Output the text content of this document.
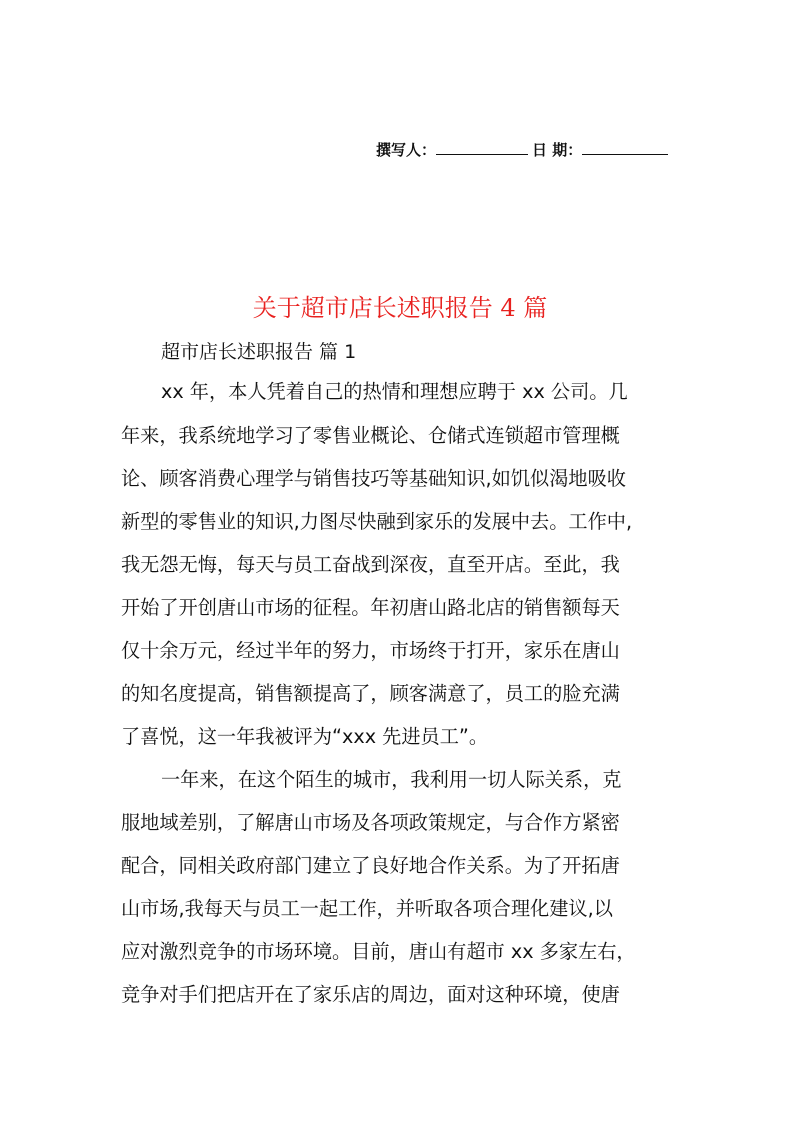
撰写人：	日 期：
关于超市店长述职报告 4 篇
超市店长述职报告 篇 1
xx 年，本人凭着自己的热情和理想应聘于 xx 公司。几
年来，我系统地学习了零售业概论、仓储式连锁超市管理概
论、顾客消费心理学与销售技巧等基础知识,如饥似渴地吸收
新型的零售业的知识,力图尽快融到家乐的发展中去。工作中,
我无怨无悔，每天与员工奋战到深夜，直至开店。至此，我
开始了开创唐山市场的征程。年初唐山路北店的销售额每天
仅十余万元，经过半年的努力，市场终于打开，家乐在唐山
的知名度提高，销售额提高了，顾客满意了，员工的脸充满
了喜悦，这一年我被评为“xxx 先进员工”。
一年来，在这个陌生的城市，我利用一切人际关系，克
服地域差别，了解唐山市场及各项政策规定，与合作方紧密
配合，同相关政府部门建立了良好地合作关系。为了开拓唐
山市场,我每天与员工一起工作，并听取各项合理化建议,以
应对激烈竞争的市场环境。目前，唐山有超市 xx 多家左右，
竞争对手们把店开在了家乐店的周边，面对这种环境，使唐
